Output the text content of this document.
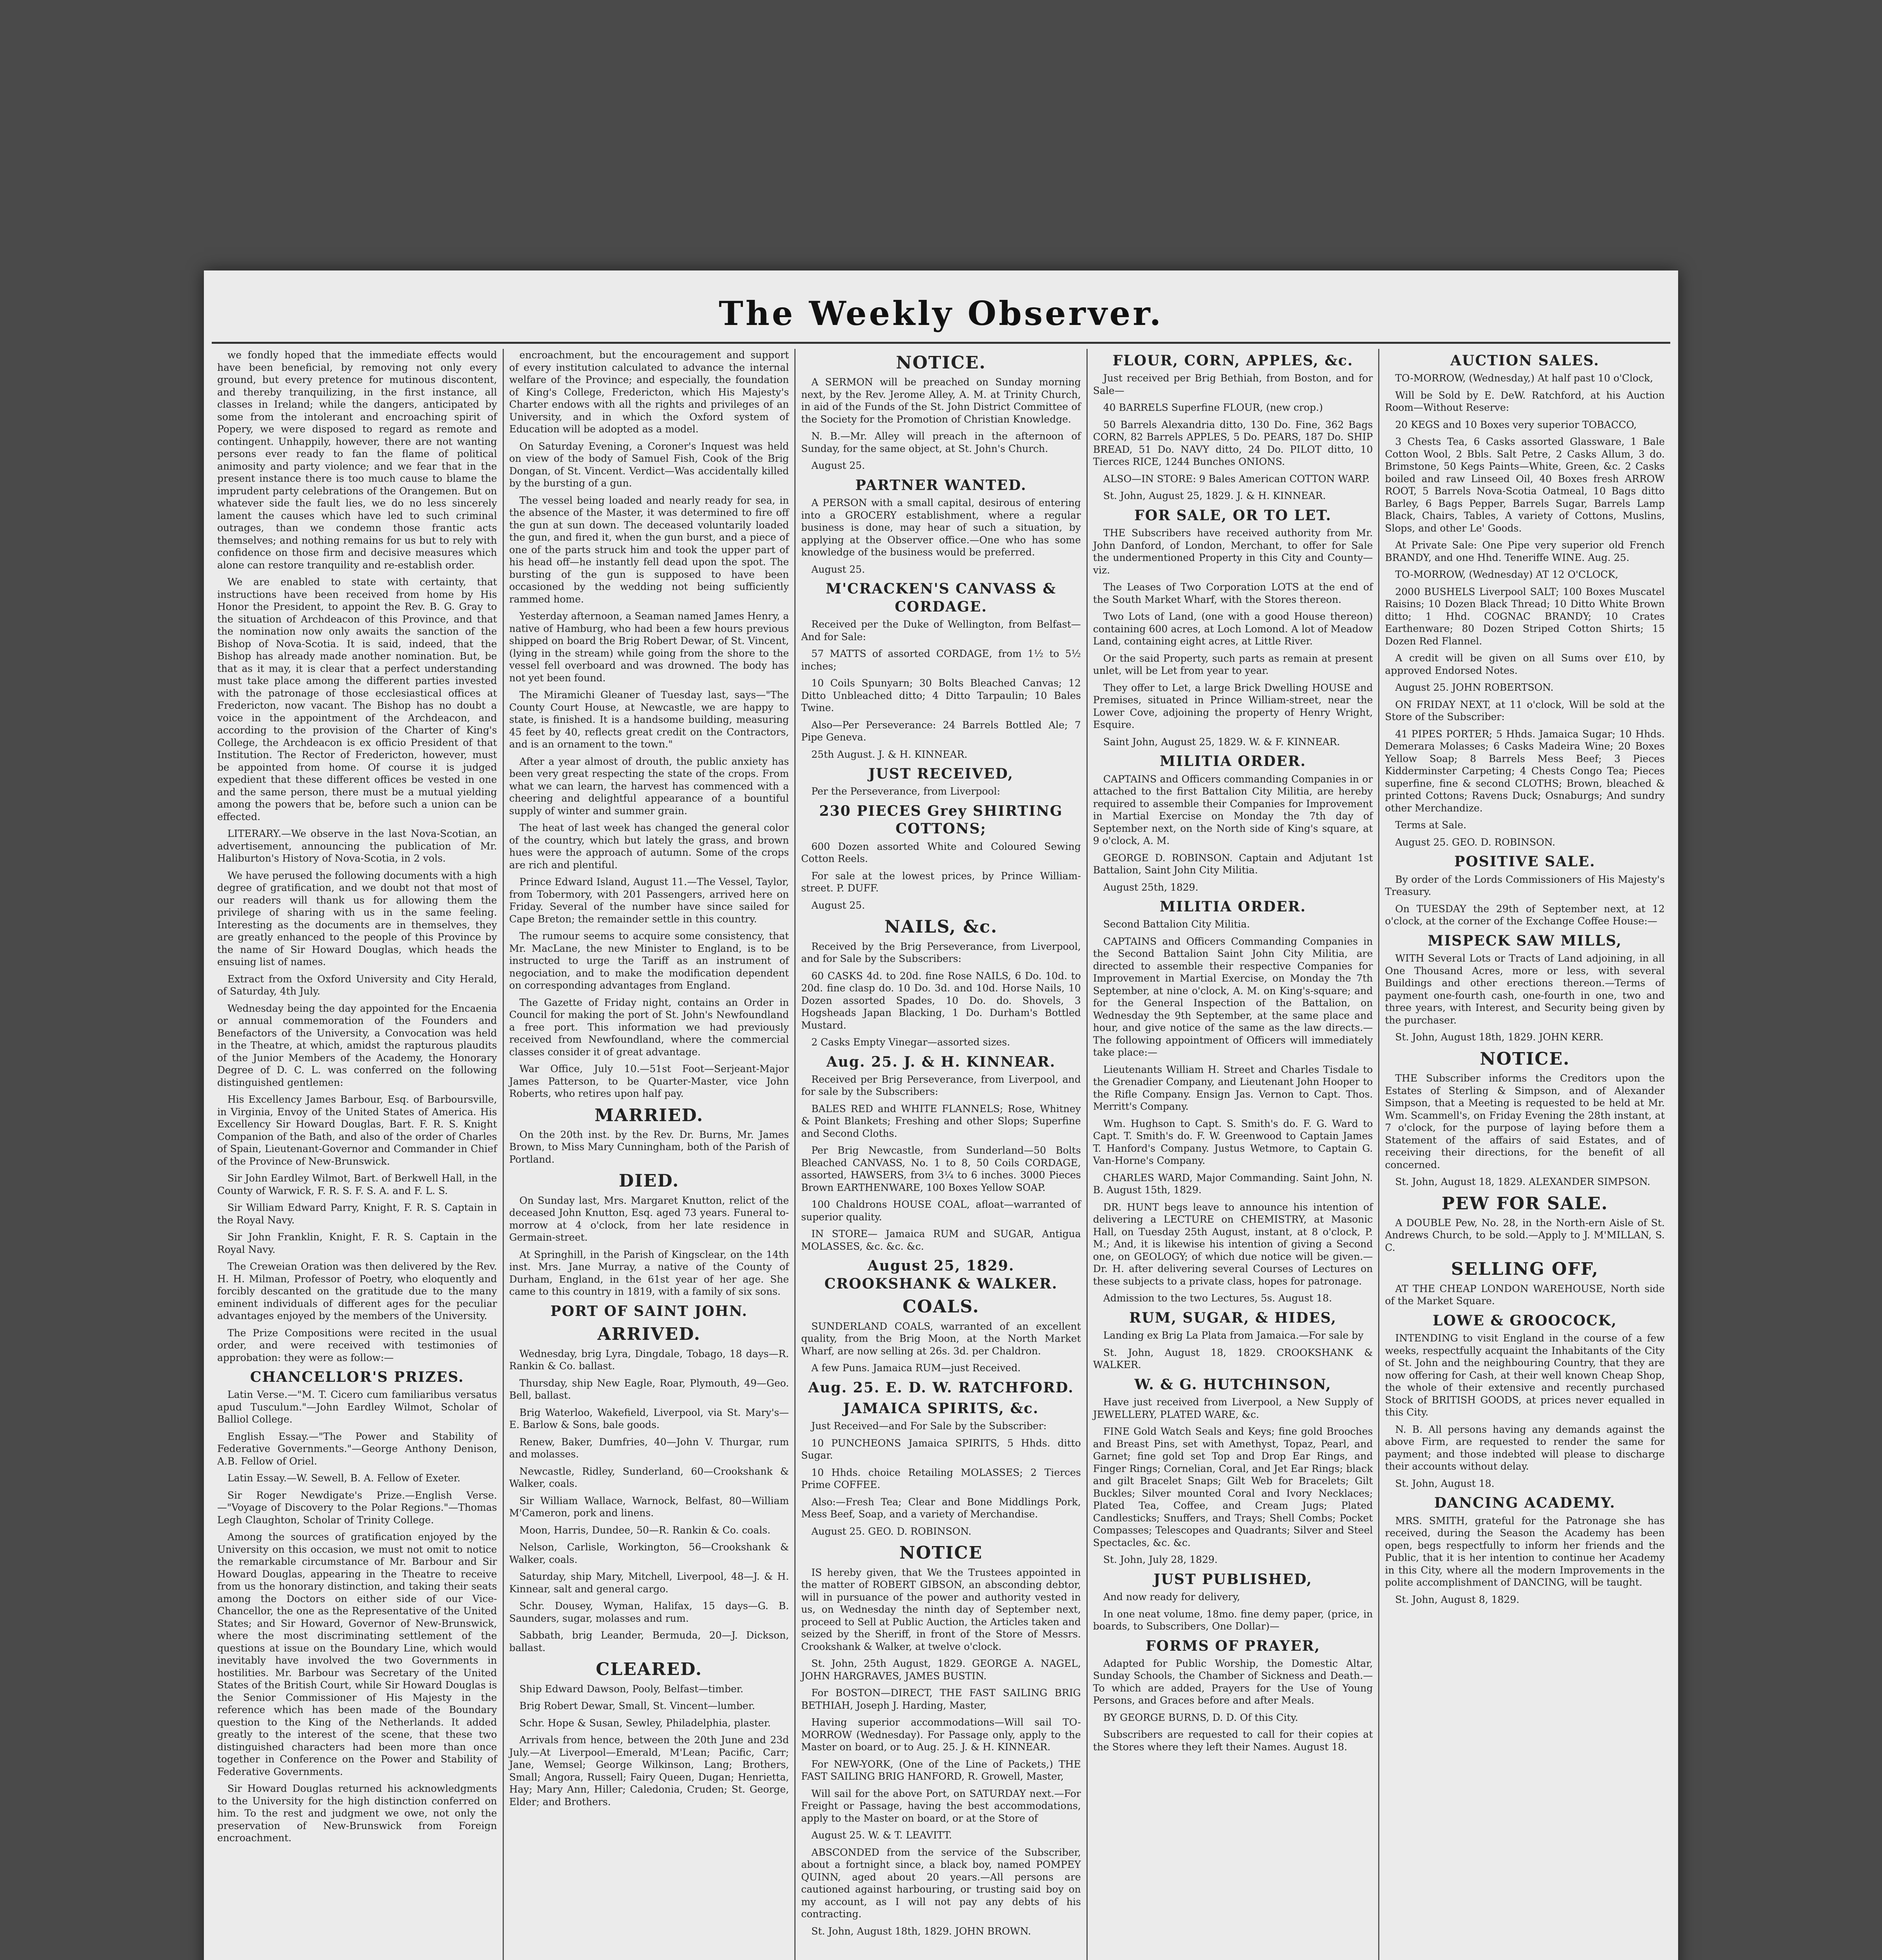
The Weekly Observer.

we fondly hoped that the immediate effects would have been beneficial, by removing not only every ground, but every pretence for mutinous discontent, and thereby tranquilizing, in the first instance, all classes in Ireland; while the dangers, anticipated by some from the intolerant and encroaching spirit of Popery, we were disposed to regard as remote and contingent. Unhappily, however, there are not wanting persons ever ready to fan the flame of political animosity and party violence; and we fear that in the present instance there is too much cause to blame the imprudent party celebrations of the Orangemen. But on whatever side the fault lies, we do no less sincerely lament the causes which have led to such criminal outrages, than we condemn those frantic acts themselves; and nothing remains for us but to rely with confidence on those firm and decisive measures which alone can restore tranquility and re-establish order.

We are enabled to state with certainty, that instructions have been received from home by His Honor the President, to appoint the Rev. B. G. Gray to the situation of Archdeacon of this Province, and that the nomination now only awaits the sanction of the Bishop of Nova-Scotia. It is said, indeed, that the Bishop has already made another nomination. But, be that as it may, it is clear that a perfect understanding must take place among the different parties invested with the patronage of those ecclesiastical offices at Fredericton, now vacant. The Bishop has no doubt a voice in the appointment of the Archdeacon, and according to the provision of the Charter of King's College, the Archdeacon is ex officio President of that Institution. The Rector of Fredericton, however, must be appointed from home. Of course it is judged expedient that these different offices be vested in one and the same person, there must be a mutual yielding among the powers that be, before such a union can be effected.

LITERARY.—We observe in the last Nova-Scotian, an advertisement, announcing the publication of Mr. Haliburton's History of Nova-Scotia, in 2 vols.

We have perused the following documents with a high degree of gratification, and we doubt not that most of our readers will thank us for allowing them the privilege of sharing with us in the same feeling. Interesting as the documents are in themselves, they are greatly enhanced to the people of this Province by the name of Sir Howard Douglas, which heads the ensuing list of names.

Extract from the Oxford University and City Herald, of Saturday, 4th July.

Wednesday being the day appointed for the Encaenia or annual commemoration of the Founders and Benefactors of the University, a Convocation was held in the Theatre, at which, amidst the rapturous plaudits of the Junior Members of the Academy, the Honorary Degree of D. C. L. was conferred on the following distinguished gentlemen:

His Excellency James Barbour, Esq. of Barboursville, in Virginia, Envoy of the United States of America. His Excellency Sir Howard Douglas, Bart. F. R. S. Knight Companion of the Bath, and also of the order of Charles of Spain, Lieutenant-Governor and Commander in Chief of the Province of New-Brunswick.

Sir John Eardley Wilmot, Bart. of Berkwell Hall, in the County of Warwick, F. R. S. F. S. A. and F. L. S.

Sir William Edward Parry, Knight, F. R. S. Captain in the Royal Navy.

Sir John Franklin, Knight, F. R. S. Captain in the Royal Navy.

The Creweian Oration was then delivered by the Rev. H. H. Milman, Professor of Poetry, who eloquently and forcibly descanted on the gratitude due to the many eminent individuals of different ages for the peculiar advantages enjoyed by the members of the University.

The Prize Compositions were recited in the usual order, and were received with testimonies of approbation: they were as follow:—

CHANCELLOR'S PRIZES.

Latin Verse.—"M. T. Cicero cum familiaribus versatus apud Tusculum."—John Eardley Wilmot, Scholar of Balliol College.

English Essay.—"The Power and Stability of Federative Governments."—George Anthony Denison, A.B. Fellow of Oriel.

Latin Essay.—W. Sewell, B. A. Fellow of Exeter.

Sir Roger Newdigate's Prize.—English Verse.—"Voyage of Discovery to the Polar Regions."—Thomas Legh Claughton, Scholar of Trinity College.

Among the sources of gratification enjoyed by the University on this occasion, we must not omit to notice the remarkable circumstance of Mr. Barbour and Sir Howard Douglas, appearing in the Theatre to receive from us the honorary distinction, and taking their seats among the Doctors on either side of our Vice-Chancellor, the one as the Representative of the United States; and Sir Howard, Governor of New-Brunswick, where the most discriminating settlement of the questions at issue on the Boundary Line, which would inevitably have involved the two Governments in hostilities. Mr. Barbour was Secretary of the United States of the British Court, while Sir Howard Douglas is the Senior Commissioner of His Majesty in the reference which has been made of the Boundary question to the King of the Netherlands. It added greatly to the interest of the scene, that these two distinguished characters had been more than once together in Conference on the Power and Stability of Federative Governments.

Sir Howard Douglas returned his acknowledgments to the University for the high distinction conferred on him. To the rest and judgment we owe, not only the preservation of New-Brunswick from Foreign encroachment.

encroachment, but the encouragement and support of every institution calculated to advance the internal welfare of the Province; and especially, the foundation of King's College, Fredericton, which His Majesty's Charter endows with all the rights and privileges of an University, and in which the Oxford system of Education will be adopted as a model.

On Saturday Evening, a Coroner's Inquest was held on view of the body of Samuel Fish, Cook of the Brig Dongan, of St. Vincent. Verdict—Was accidentally killed by the bursting of a gun.

The vessel being loaded and nearly ready for sea, in the absence of the Master, it was determined to fire off the gun at sun down. The deceased voluntarily loaded the gun, and fired it, when the gun burst, and a piece of one of the parts struck him and took the upper part of his head off—he instantly fell dead upon the spot. The bursting of the gun is supposed to have been occasioned by the wedding not being sufficiently rammed home.

Yesterday afternoon, a Seaman named James Henry, a native of Hamburg, who had been a few hours previous shipped on board the Brig Robert Dewar, of St. Vincent, (lying in the stream) while going from the shore to the vessel fell overboard and was drowned. The body has not yet been found.

The Miramichi Gleaner of Tuesday last, says—"The County Court House, at Newcastle, we are happy to state, is finished. It is a handsome building, measuring 45 feet by 40, reflects great credit on the Contractors, and is an ornament to the town."

After a year almost of drouth, the public anxiety has been very great respecting the state of the crops. From what we can learn, the harvest has commenced with a cheering and delightful appearance of a bountiful supply of winter and summer grain.

The heat of last week has changed the general color of the country, which but lately the grass, and brown hues were the approach of autumn. Some of the crops are rich and plentiful.

Prince Edward Island, August 11.—The Vessel, Taylor, from Tobermory, with 201 Passengers, arrived here on Friday. Several of the number have since sailed for Cape Breton; the remainder settle in this country.

The rumour seems to acquire some consistency, that Mr. MacLane, the new Minister to England, is to be instructed to urge the Tariff as an instrument of negociation, and to make the modification dependent on corresponding advantages from England.

The Gazette of Friday night, contains an Order in Council for making the port of St. John's Newfoundland a free port. This information we had previously received from Newfoundland, where the commercial classes consider it of great advantage.

War Office, July 10.—51st Foot—Serjeant-Major James Patterson, to be Quarter-Master, vice John Roberts, who retires upon half pay.

MARRIED.

On the 20th inst. by the Rev. Dr. Burns, Mr. James Brown, to Miss Mary Cunningham, both of the Parish of Portland.

DIED.

On Sunday last, Mrs. Margaret Knutton, relict of the deceased John Knutton, Esq. aged 73 years. Funeral to-morrow at 4 o'clock, from her late residence in Germain-street.

At Springhill, in the Parish of Kingsclear, on the 14th inst. Mrs. Jane Murray, a native of the County of Durham, England, in the 61st year of her age. She came to this country in 1819, with a family of six sons.

PORT OF SAINT JOHN.
ARRIVED.

Wednesday, brig Lyra, Dingdale, Tobago, 18 days—R. Rankin & Co. ballast.

Thursday, ship New Eagle, Roar, Plymouth, 49—Geo. Bell, ballast.

Brig Waterloo, Wakefield, Liverpool, via St. Mary's—E. Barlow & Sons, bale goods.

Renew, Baker, Dumfries, 40—John V. Thurgar, rum and molasses.

Newcastle, Ridley, Sunderland, 60—Crookshank & Walker, coals.

Sir William Wallace, Warnock, Belfast, 80—William M'Cameron, pork and linens.

Moon, Harris, Dundee, 50—R. Rankin & Co. coals.

Nelson, Carlisle, Workington, 56—Crookshank & Walker, coals.

Saturday, ship Mary, Mitchell, Liverpool, 48—J. & H. Kinnear, salt and general cargo.

Schr. Dousey, Wyman, Halifax, 15 days—G. B. Saunders, sugar, molasses and rum.

Sabbath, brig Leander, Bermuda, 20—J. Dickson, ballast.

CLEARED.

Ship Edward Dawson, Pooly, Belfast—timber.

Brig Robert Dewar, Small, St. Vincent—lumber.

Schr. Hope & Susan, Sewley, Philadelphia, plaster.

Arrivals from hence, between the 20th June and 23d July.—At Liverpool—Emerald, M'Lean; Pacific, Carr; Jane, Wemsel; George Wilkinson, Lang; Brothers, Small; Angora, Russell; Fairy Queen, Dugan; Henrietta, Hay; Mary Ann, Hiller; Caledonia, Cruden; St. George, Elder; and Brothers.

NOTICE.

A SERMON will be preached on Sunday morning next, by the Rev. Jerome Alley, A. M. at Trinity Church, in aid of the Funds of the St. John District Committee of the Society for the Promotion of Christian Knowledge.

N. B.—Mr. Alley will preach in the afternoon of Sunday, for the same object, at St. John's Church.

August 25.

PARTNER WANTED.

A PERSON with a small capital, desirous of entering into a GROCERY establishment, where a regular business is done, may hear of such a situation, by applying at the Observer office.—One who has some knowledge of the business would be preferred.

August 25.

M'CRACKEN'S CANVASS & CORDAGE.

Received per the Duke of Wellington, from Belfast—And for Sale:

57 MATTS of assorted CORDAGE, from 1½ to 5½ inches;

10 Coils Spunyarn; 30 Bolts Bleached Canvas; 12 Ditto Unbleached ditto; 4 Ditto Tarpaulin; 10 Bales Twine.

Also—Per Perseverance: 24 Barrels Bottled Ale; 7 Pipe Geneva.

25th August. J. & H. KINNEAR.

JUST RECEIVED,

Per the Perseverance, from Liverpool:

230 PIECES Grey SHIRTING COTTONS;

600 Dozen assorted White and Coloured Sewing Cotton Reels.

For sale at the lowest prices, by Prince William-street. P. DUFF.

August 25.

NAILS, &c.

Received by the Brig Perseverance, from Liverpool, and for Sale by the Subscribers:

60 CASKS 4d. to 20d. fine Rose NAILS, 6 Do. 10d. to 20d. fine clasp do. 10 Do. 3d. and 10d. Horse Nails, 10 Dozen assorted Spades, 10 Do. do. Shovels, 3 Hogsheads Japan Blacking, 1 Do. Durham's Bottled Mustard.

2 Casks Empty Vinegar—assorted sizes.

Aug. 25. J. & H. KINNEAR.

Received per Brig Perseverance, from Liverpool, and for sale by the Subscribers:

BALES RED and WHITE FLANNELS; Rose, Whitney & Point Blankets; Freshing and other Slops; Superfine and Second Cloths.

Per Brig Newcastle, from Sunderland—50 Bolts Bleached CANVASS, No. 1 to 8, 50 Coils CORDAGE, assorted, HAWSERS, from 3¼ to 6 inches. 3000 Pieces Brown EARTHENWARE, 100 Boxes Yellow SOAP.

100 Chaldrons HOUSE COAL, afloat—warranted of superior quality.

IN STORE— Jamaica RUM and SUGAR, Antigua MOLASSES, &c. &c. &c.

August 25, 1829. CROOKSHANK & WALKER.
COALS.

SUNDERLAND COALS, warranted of an excellent quality, from the Brig Moon, at the North Market Wharf, are now selling at 26s. 3d. per Chaldron.

A few Puns. Jamaica RUM—just Received.

Aug. 25. E. D. W. RATCHFORD.
JAMAICA SPIRITS, &c.

Just Received—and For Sale by the Subscriber:

10 PUNCHEONS Jamaica SPIRITS, 5 Hhds. ditto Sugar.

10 Hhds. choice Retailing MOLASSES; 2 Tierces Prime COFFEE.

Also:—Fresh Tea; Clear and Bone Middlings Pork, Mess Beef, Soap, and a variety of Merchandise.

August 25. GEO. D. ROBINSON.

NOTICE

IS hereby given, that We the Trustees appointed in the matter of ROBERT GIBSON, an absconding debtor, will in pursuance of the power and authority vested in us, on Wednesday the ninth day of September next, proceed to Sell at Public Auction, the Articles taken and seized by the Sheriff, in front of the Store of Messrs. Crookshank & Walker, at twelve o'clock.

St. John, 25th August, 1829. GEORGE A. NAGEL, JOHN HARGRAVES, JAMES BUSTIN.

For BOSTON—DIRECT, THE FAST SAILING BRIG BETHIAH, Joseph J. Harding, Master,

Having superior accommodations—Will sail TO-MORROW (Wednesday). For Passage only, apply to the Master on board, or to Aug. 25. J. & H. KINNEAR.

For NEW-YORK, (One of the Line of Packets,) THE FAST SAILING BRIG HANFORD, R. Growell, Master,

Will sail for the above Port, on SATURDAY next.—For Freight or Passage, having the best accommodations, apply to the Master on board, or at the Store of

August 25. W. & T. LEAVITT.

ABSCONDED from the service of the Subscriber, about a fortnight since, a black boy, named POMPEY QUINN, aged about 20 years.—All persons are cautioned against harbouring, or trusting said boy on my account, as I will not pay any debts of his contracting.

St. John, August 18th, 1829. JOHN BROWN.

FLOUR, CORN, APPLES, &c.

Just received per Brig Bethiah, from Boston, and for Sale—

40 BARRELS Superfine FLOUR, (new crop.)

50 Barrels Alexandria ditto, 130 Do. Fine, 362 Bags CORN, 82 Barrels APPLES, 5 Do. PEARS, 187 Do. SHIP BREAD, 51 Do. NAVY ditto, 24 Do. PILOT ditto, 10 Tierces RICE, 1244 Bunches ONIONS.

ALSO—IN STORE: 9 Bales American COTTON WARP.

St. John, August 25, 1829. J. & H. KINNEAR.

FOR SALE, OR TO LET.

THE Subscribers have received authority from Mr. John Danford, of London, Merchant, to offer for Sale the undermentioned Property in this City and County—viz.

The Leases of Two Corporation LOTS at the end of the South Market Wharf, with the Stores thereon.

Two Lots of Land, (one with a good House thereon) containing 600 acres, at Loch Lomond. A lot of Meadow Land, containing eight acres, at Little River.

Or the said Property, such parts as remain at present unlet, will be Let from year to year.

They offer to Let, a large Brick Dwelling HOUSE and Premises, situated in Prince William-street, near the Lower Cove, adjoining the property of Henry Wright, Esquire.

Saint John, August 25, 1829. W. & F. KINNEAR.

MILITIA ORDER.

CAPTAINS and Officers commanding Companies in or attached to the first Battalion City Militia, are hereby required to assemble their Companies for Improvement in Martial Exercise on Monday the 7th day of September next, on the North side of King's square, at 9 o'clock, A. M.

GEORGE D. ROBINSON. Captain and Adjutant 1st Battalion, Saint John City Militia.

August 25th, 1829.

MILITIA ORDER.

Second Battalion City Militia.

CAPTAINS and Officers Commanding Companies in the Second Battalion Saint John City Militia, are directed to assemble their respective Companies for Improvement in Martial Exercise, on Monday the 7th September, at nine o'clock, A. M. on King's-square; and for the General Inspection of the Battalion, on Wednesday the 9th September, at the same place and hour, and give notice of the same as the law directs.—The following appointment of Officers will immediately take place:—

Lieutenants William H. Street and Charles Tisdale to the Grenadier Company, and Lieutenant John Hooper to the Rifle Company. Ensign Jas. Vernon to Capt. Thos. Merritt's Company.

Wm. Hughson to Capt. S. Smith's do. F. G. Ward to Capt. T. Smith's do. F. W. Greenwood to Captain James T. Hanford's Company. Justus Wetmore, to Captain G. Van-Horne's Company.

CHARLES WARD, Major Commanding. Saint John, N. B. August 15th, 1829.

DR. HUNT begs leave to announce his intention of delivering a LECTURE on CHEMISTRY, at Masonic Hall, on Tuesday 25th August, instant, at 8 o'clock, P. M.; And, it is likewise his intention of giving a Second one, on GEOLOGY; of which due notice will be given.—Dr. H. after delivering several Courses of Lectures on these subjects to a private class, hopes for patronage.

Admission to the two Lectures, 5s. August 18.

RUM, SUGAR, & HIDES,

Landing ex Brig La Plata from Jamaica.—For sale by

St. John, August 18, 1829. CROOKSHANK & WALKER.

W. & G. HUTCHINSON,

Have just received from Liverpool, a New Supply of JEWELLERY, PLATED WARE, &c.

FINE Gold Watch Seals and Keys; fine gold Brooches and Breast Pins, set with Amethyst, Topaz, Pearl, and Garnet; fine gold set Top and Drop Ear Rings, and Finger Rings; Cornelian, Coral, and Jet Ear Rings; black and gilt Bracelet Snaps; Gilt Web for Bracelets; Gilt Buckles; Silver mounted Coral and Ivory Necklaces; Plated Tea, Coffee, and Cream Jugs; Plated Candlesticks; Snuffers, and Trays; Shell Combs; Pocket Compasses; Telescopes and Quadrants; Silver and Steel Spectacles, &c. &c.

St. John, July 28, 1829.

JUST PUBLISHED,

And now ready for delivery,

In one neat volume, 18mo. fine demy paper, (price, in boards, to Subscribers, One Dollar)—

FORMS OF PRAYER,

Adapted for Public Worship, the Domestic Altar, Sunday Schools, the Chamber of Sickness and Death.—To which are added, Prayers for the Use of Young Persons, and Graces before and after Meals.

BY GEORGE BURNS, D. D. Of this City.

Subscribers are requested to call for their copies at the Stores where they left their Names. August 18.

AUCTION SALES.

TO-MORROW, (Wednesday,) At half past 10 o'Clock,

Will be Sold by E. DeW. Ratchford, at his Auction Room—Without Reserve:

20 KEGS and 10 Boxes very superior TOBACCO,

3 Chests Tea, 6 Casks assorted Glassware, 1 Bale Cotton Wool, 2 Bbls. Salt Petre, 2 Casks Allum, 3 do. Brimstone, 50 Kegs Paints—White, Green, &c. 2 Casks boiled and raw Linseed Oil, 40 Boxes fresh ARROW ROOT, 5 Barrels Nova-Scotia Oatmeal, 10 Bags ditto Barley, 6 Bags Pepper, Barrels Sugar, Barrels Lamp Black, Chairs, Tables, A variety of Cottons, Muslins, Slops, and other Le' Goods.

At Private Sale: One Pipe very superior old French BRANDY, and one Hhd. Teneriffe WINE. Aug. 25.

TO-MORROW, (Wednesday) AT 12 O'CLOCK,

2000 BUSHELS Liverpool SALT; 100 Boxes Muscatel Raisins; 10 Dozen Black Thread; 10 Ditto White Brown ditto; 1 Hhd. COGNAC BRANDY; 10 Crates Earthenware; 80 Dozen Striped Cotton Shirts; 15 Dozen Red Flannel.

A credit will be given on all Sums over £10, by approved Endorsed Notes.

August 25. JOHN ROBERTSON.

ON FRIDAY NEXT, at 11 o'clock, Will be sold at the Store of the Subscriber:

41 PIPES PORTER; 5 Hhds. Jamaica Sugar; 10 Hhds. Demerara Molasses; 6 Casks Madeira Wine; 20 Boxes Yellow Soap; 8 Barrels Mess Beef; 3 Pieces Kidderminster Carpeting; 4 Chests Congo Tea; Pieces superfine, fine & second CLOTHS; Brown, bleached & printed Cottons; Ravens Duck; Osnaburgs; And sundry other Merchandize.

Terms at Sale.

August 25. GEO. D. ROBINSON.

POSITIVE SALE.

By order of the Lords Commissioners of His Majesty's Treasury.

On TUESDAY the 29th of September next, at 12 o'clock, at the corner of the Exchange Coffee House:—

MISPECK SAW MILLS,

WITH Several Lots or Tracts of Land adjoining, in all One Thousand Acres, more or less, with several Buildings and other erections thereon.—Terms of payment one-fourth cash, one-fourth in one, two and three years, with Interest, and Security being given by the purchaser.

St. John, August 18th, 1829. JOHN KERR.

NOTICE.

THE Subscriber informs the Creditors upon the Estates of Sterling & Simpson, and of Alexander Simpson, that a Meeting is requested to be held at Mr. Wm. Scammell's, on Friday Evening the 28th instant, at 7 o'clock, for the purpose of laying before them a Statement of the affairs of said Estates, and of receiving their directions, for the benefit of all concerned.

St. John, August 18, 1829. ALEXANDER SIMPSON.

PEW FOR SALE.

A DOUBLE Pew, No. 28, in the North-ern Aisle of St. Andrews Church, to be sold.—Apply to J. M'MILLAN, S. C.

SELLING OFF,

AT THE CHEAP LONDON WAREHOUSE, North side of the Market Square.

LOWE & GROOCOCK,

INTENDING to visit England in the course of a few weeks, respectfully acquaint the Inhabitants of the City of St. John and the neighbouring Country, that they are now offering for Cash, at their well known Cheap Shop, the whole of their extensive and recently purchased Stock of BRITISH GOODS, at prices never equalled in this City.

N. B. All persons having any demands against the above Firm, are requested to render the same for payment; and those indebted will please to discharge their accounts without delay.

St. John, August 18.

DANCING ACADEMY.

MRS. SMITH, grateful for the Patronage she has received, during the Season the Academy has been open, begs respectfully to inform her friends and the Public, that it is her intention to continue her Academy in this City, where all the modern Improvements in the polite accomplishment of DANCING, will be taught.

St. John, August 8, 1829.
